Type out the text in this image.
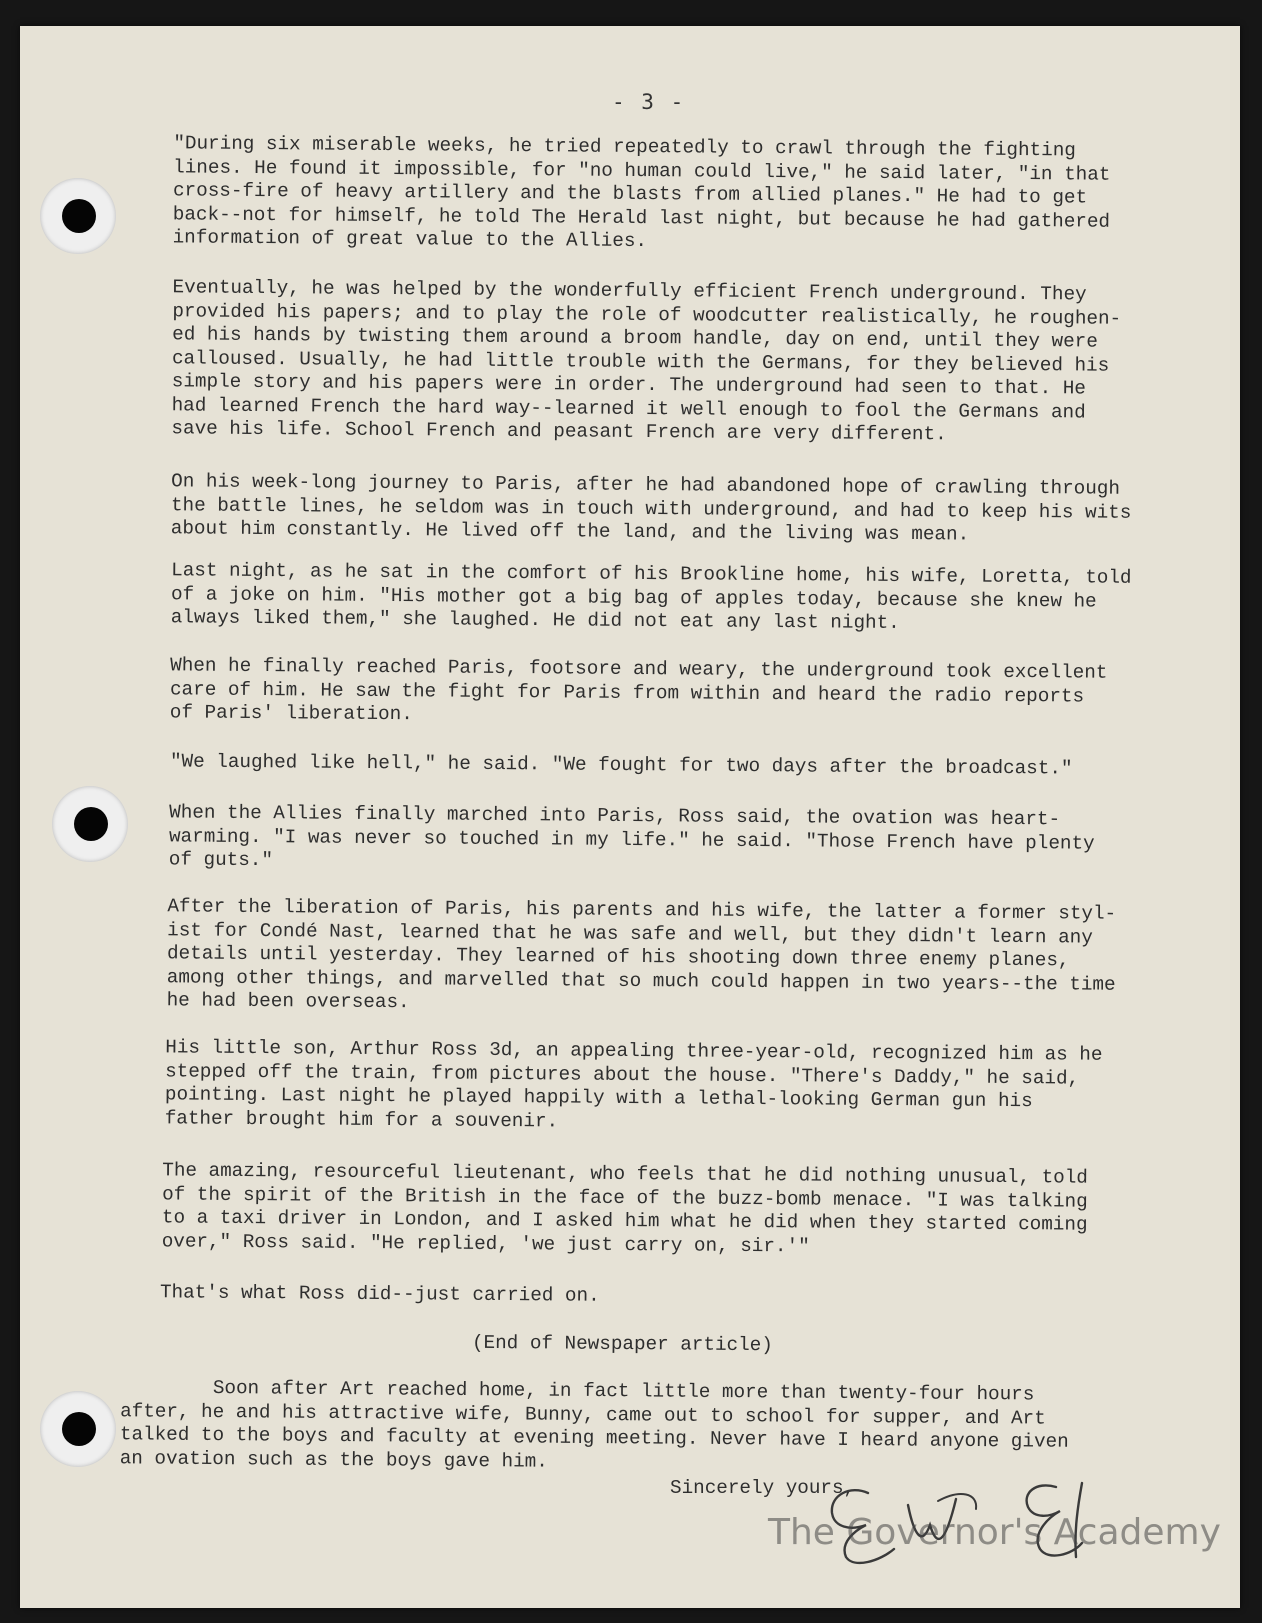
- 3 -

"During six miserable weeks, he tried repeatedly to crawl through the fighting
lines. He found it impossible, for "no human could live," he said later, "in that
cross-fire of heavy artillery and the blasts from allied planes." He had to get
back--not for himself, he told The Herald last night, but because he had gathered
information of great value to the Allies.

Eventually, he was helped by the wonderfully efficient French underground. They
provided his papers; and to play the role of woodcutter realistically, he roughen-
ed his hands by twisting them around a broom handle, day on end, until they were
calloused. Usually, he had little trouble with the Germans, for they believed his
simple story and his papers were in order. The underground had seen to that. He
had learned French the hard way--learned it well enough to fool the Germans and
save his life. School French and peasant French are very different.

On his week-long journey to Paris, after he had abandoned hope of crawling through
the battle lines, he seldom was in touch with underground, and had to keep his wits
about him constantly. He lived off the land, and the living was mean.

Last night, as he sat in the comfort of his Brookline home, his wife, Loretta, told
of a joke on him. "His mother got a big bag of apples today, because she knew he
always liked them," she laughed. He did not eat any last night.

When he finally reached Paris, footsore and weary, the underground took excellent
care of him. He saw the fight for Paris from within and heard the radio reports
of Paris' liberation.

"We laughed like hell," he said. "We fought for two days after the broadcast."

When the Allies finally marched into Paris, Ross said, the ovation was heart-
warming. "I was never so touched in my life." he said. "Those French have plenty
of guts."

After the liberation of Paris, his parents and his wife, the latter a former styl-
ist for Condé Nast, learned that he was safe and well, but they didn't learn any
details until yesterday. They learned of his shooting down three enemy planes,
among other things, and marvelled that so much could happen in two years--the time
he had been overseas.

His little son, Arthur Ross 3d, an appealing three-year-old, recognized him as he
stepped off the train, from pictures about the house. "There's Daddy," he said,
pointing. Last night he played happily with a lethal-looking German gun his
father brought him for a souvenir.

The amazing, resourceful lieutenant, who feels that he did nothing unusual, told
of the spirit of the British in the face of the buzz-bomb menace. "I was talking
to a taxi driver in London, and I asked him what he did when they started coming
over," Ross said. "He replied, 'we just carry on, sir.'"

That's what Ross did--just carried on.

(End of Newspaper article)

Soon after Art reached home, in fact little more than twenty-four hours
after, he and his attractive wife, Bunny, came out to school for supper, and Art
talked to the boys and faculty at evening meeting. Never have I heard anyone given
an ovation such as the boys gave him.

Sincerely yours,
The Governor's Academy
